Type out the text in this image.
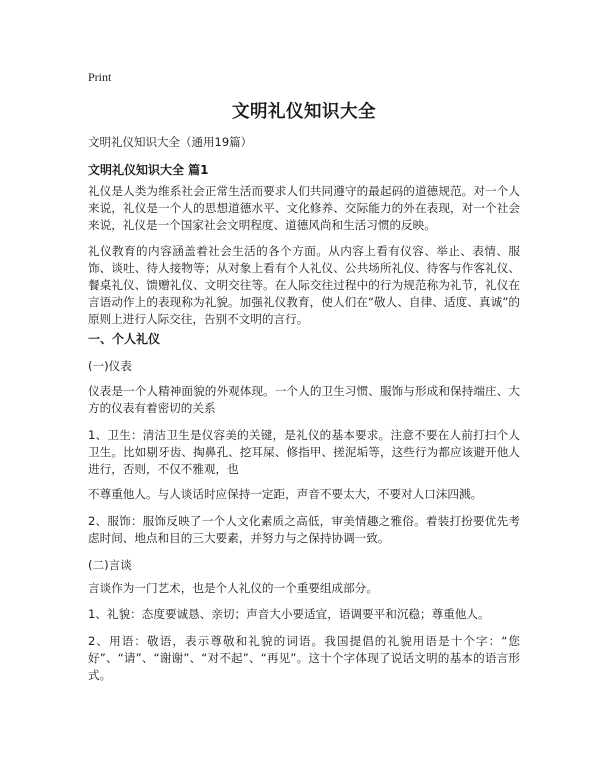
Print
文明礼仪知识大全

文明礼仪知识大全（通用19篇）

文明礼仪知识大全 篇1

礼仪是人类为维系社会正常生活而要求人们共同遵守的最起码的道德规范。对一个人来说，礼仪是一个人的思想道德水平、文化修养、交际能力的外在表现，对一个社会来说，礼仪是一个国家社会文明程度、道德风尚和生活习惯的反映。

礼仪教育的内容涵盖着社会生活的各个方面。从内容上看有仪容、举止、表情、服饰、谈吐、待人接物等；从对象上看有个人礼仪、公共场所礼仪、待客与作客礼仪、餐桌礼仪、馈赠礼仪、文明交往等。在人际交往过程中的行为规范称为礼节，礼仪在言语动作上的表现称为礼貌。加强礼仪教育，使人们在“敬人、自律、适度、真诚”的原则上进行人际交往，告别不文明的言行。

一、个人礼仪

(一)仪表

仪表是一个人精神面貌的外观体现。一个人的卫生习惯、服饰与形成和保持端庄、大方的仪表有着密切的关系

1、卫生：清洁卫生是仪容美的关键，是礼仪的基本要求。注意不要在人前打扫个人卫生。比如剔牙齿、掏鼻孔、挖耳屎、修指甲、搓泥垢等，这些行为都应该避开他人进行，否则，不仅不雅观，也

不尊重他人。与人谈话时应保持一定距，声音不要太大，不要对人口沫四溅。

2、服饰：服饰反映了一个人文化素质之高低，审美情趣之雅俗。着装打扮要优先考虑时间、地点和目的三大要素，并努力与之保持协调一致。

(二)言谈

言谈作为一门艺术，也是个人礼仪的一个重要组成部分。

1、礼貌：态度要诚恳、亲切；声音大小要适宜，语调要平和沉稳；尊重他人。

2、用语：敬语，表示尊敬和礼貌的词语。我国提倡的礼貌用语是十个字：“您好”、“请”、“谢谢”、“对不起”、“再见”。这十个字体现了说话文明的基本的语言形式。
